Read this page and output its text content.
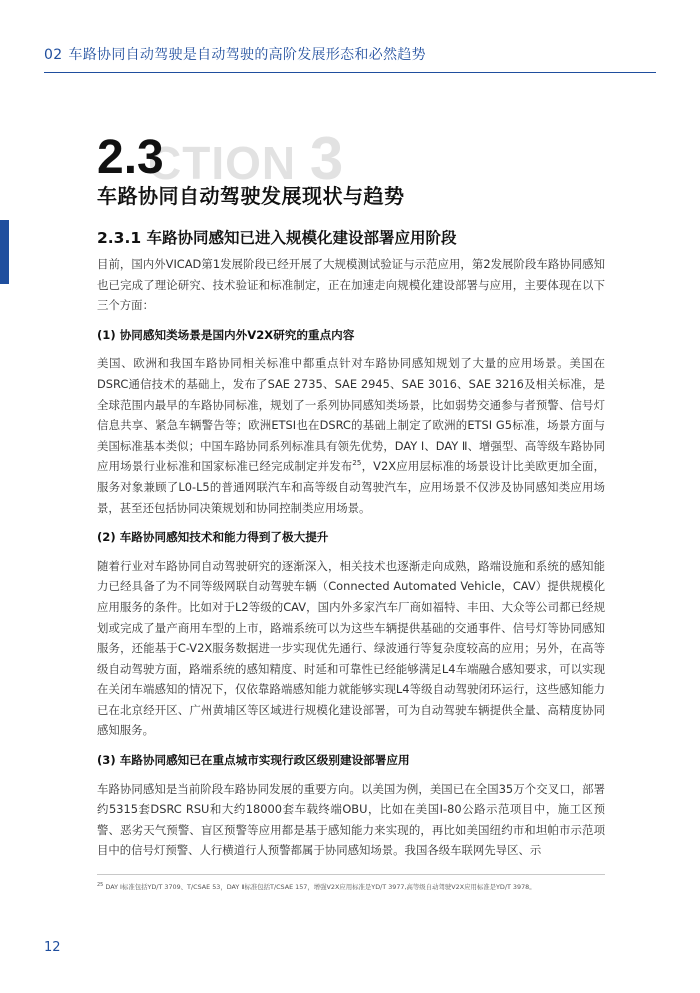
02 车路协同自动驾驶是自动驾驶的高阶发展形态和必然趋势
CTION 3
2.3
车路协同自动驾驶发展现状与趋势
2.3.1 车路协同感知已进入规模化建设部署应用阶段

目前，国内外VICAD第1发展阶段已经开展了大规模测试验证与示范应用，第2发展阶段车路协同感知也已完成了理论研究、技术验证和标准制定，正在加速走向规模化建设部署与应用，主要体现在以下三个方面：

(1) 协同感知类场景是国内外V2X研究的重点内容

美国、欧洲和我国车路协同相关标准中都重点针对车路协同感知规划了大量的应用场景。美国在DSRC通信技术的基础上，发布了SAE 2735、SAE 2945、SAE 3016、SAE 3216及相关标准，是全球范围内最早的车路协同标准，规划了一系列协同感知类场景，比如弱势交通参与者预警、信号灯信息共享、紧急车辆警告等；欧洲ETSI也在DSRC的基础上制定了欧洲的ETSI G5标准，场景方面与美国标准基本类似；中国车路协同系列标准具有领先优势，DAY Ⅰ、DAY Ⅱ、增强型、高等级车路协同应用场景行业标准和国家标准已经完成制定并发布$^{25}$，V2X应用层标准的场景设计比美欧更加全面，服务对象兼顾了L0-L5的普通网联汽车和高等级自动驾驶汽车，应用场景不仅涉及协同感知类应用场景，甚至还包括协同决策规划和协同控制类应用场景。

(2) 车路协同感知技术和能力得到了极大提升

随着行业对车路协同自动驾驶研究的逐渐深入，相关技术也逐渐走向成熟，路端设施和系统的感知能力已经具备了为不同等级网联自动驾驶车辆（Connected Automated Vehicle，CAV）提供规模化应用服务的条件。比如对于L2等级的CAV，国内外多家汽车厂商如福特、丰田、大众等公司都已经规划或完成了量产商用车型的上市，路端系统可以为这些车辆提供基础的交通事件、信号灯等协同感知服务，还能基于C-V2X服务数据进一步实现优先通行、绿波通行等复杂度较高的应用；另外，在高等级自动驾驶方面，路端系统的感知精度、时延和可靠性已经能够满足L4车端融合感知要求，可以实现在关闭车端感知的情况下，仅依靠路端感知能力就能够实现L4等级自动驾驶闭环运行，这些感知能力已在北京经开区、广州黄埔区等区域进行规模化建设部署，可为自动驾驶车辆提供全量、高精度协同感知服务。

(3) 车路协同感知已在重点城市实现行政区级别建设部署应用

车路协同感知是当前阶段车路协同发展的重要方向。以美国为例，美国已在全国35万个交叉口，部署约5315套DSRC RSU和大约18000套车载终端OBU，比如在美国I-80公路示范项目中，施工区预警、恶劣天气预警、盲区预警等应用都是基于感知能力来实现的，再比如美国纽约市和坦帕市示范项目中的信号灯预警、人行横道行人预警都属于协同感知场景。我国各级车联网先导区、示

$^{25}$ DAY Ⅰ标准包括YD/T 3709、T/CSAE 53，DAY Ⅱ标准包括T/CSAE 157，增强V2X应用标准是YD/T 3977,高等级自动驾驶V2X应用标准是YD/T 3978。
12
